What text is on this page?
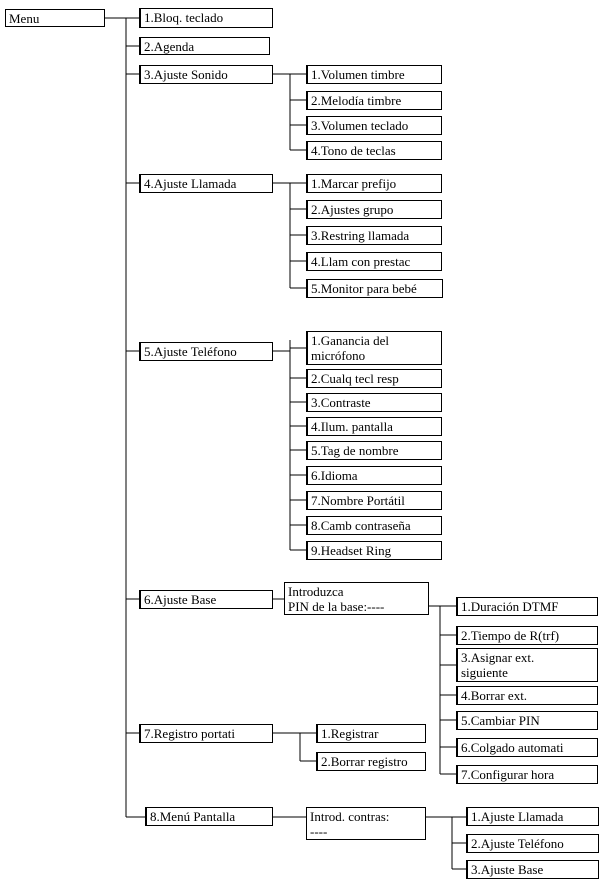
Menu	1.Bloq. teclado
2.Agenda
3.Ajuste Sonido
4.Ajuste Llamada
5.Ajuste Teléfono
6.Ajuste Base
7.Registro portati
8.Menú Pantalla
1.Volumen timbre
2.Melodía timbre
3.Volumen teclado
4.Tono de teclas
1.Marcar prefijo
2.Ajustes grupo
3.Restring llamada
4.Llam con prestac
5.Monitor para bebé
1.Ganancia del
micrófono
2.Cualq tecl resp
3.Contraste
4.Ilum. pantalla
5.Tag de nombre
6.Idioma
7.Nombre Portátil
8.Camb contraseña
9.Headset Ring
Introduzca
PIN de la base:----	1.Duración DTMF
2.Tiempo de R(trf)
3.Asignar ext.
siguiente
4.Borrar ext.
5.Cambiar PIN
6.Colgado automati
7.Configurar hora
1.Registrar
2.Borrar registro
Introd. contras:
----
1.Ajuste Llamada
2.Ajuste Teléfono
3.Ajuste Base
